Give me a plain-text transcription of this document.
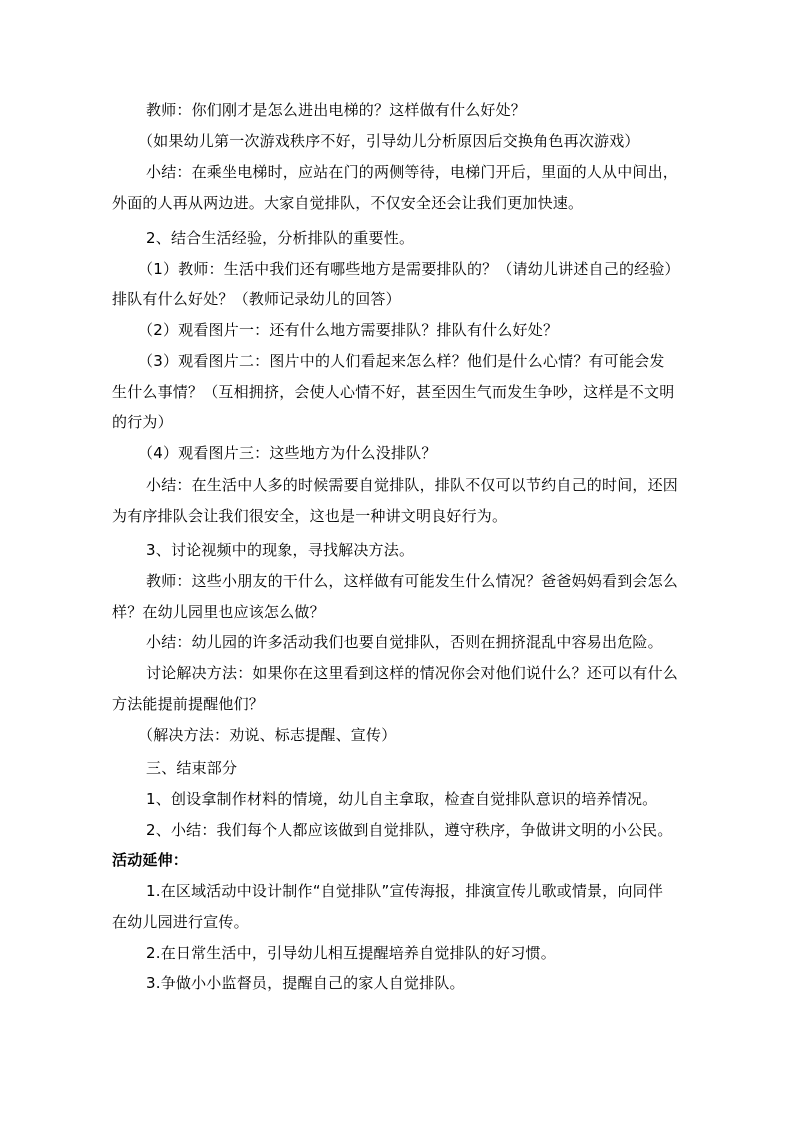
教师：你们刚才是怎么进出电梯的？这样做有什么好处？
（如果幼儿第一次游戏秩序不好，引导幼儿分析原因后交换角色再次游戏）
小结：在乘坐电梯时，应站在门的两侧等待，电梯门开后，里面的人从中间出，
外面的人再从两边进。大家自觉排队，不仅安全还会让我们更加快速。
2、结合生活经验，分析排队的重要性。
（1）教师：生活中我们还有哪些地方是需要排队的？（请幼儿讲述自己的经验）
排队有什么好处？（教师记录幼儿的回答）
（2）观看图片一：还有什么地方需要排队？排队有什么好处？
（3）观看图片二：图片中的人们看起来怎么样？他们是什么心情？有可能会发
生什么事情？（互相拥挤，会使人心情不好，甚至因生气而发生争吵，这样是不文明
的行为）
（4）观看图片三：这些地方为什么没排队？
小结：在生活中人多的时候需要自觉排队，排队不仅可以节约自己的时间，还因
为有序排队会让我们很安全，这也是一种讲文明良好行为。
3、讨论视频中的现象，寻找解决方法。
教师：这些小朋友的干什么，这样做有可能发生什么情况？爸爸妈妈看到会怎么
样？在幼儿园里也应该怎么做？
小结：幼儿园的许多活动我们也要自觉排队，否则在拥挤混乱中容易出危险。
讨论解决方法：如果你在这里看到这样的情况你会对他们说什么？还可以有什么
方法能提前提醒他们？
（解决方法：劝说、标志提醒、宣传）
三、结束部分
1、创设拿制作材料的情境，幼儿自主拿取，检查自觉排队意识的培养情况。
2、小结：我们每个人都应该做到自觉排队，遵守秩序，争做讲文明的小公民。
活动延伸：
1.在区域活动中设计制作“自觉排队”宣传海报，排演宣传儿歌或情景，向同伴
在幼儿园进行宣传。
2.在日常生活中，引导幼儿相互提醒培养自觉排队的好习惯。
3.争做小小监督员，提醒自己的家人自觉排队。
